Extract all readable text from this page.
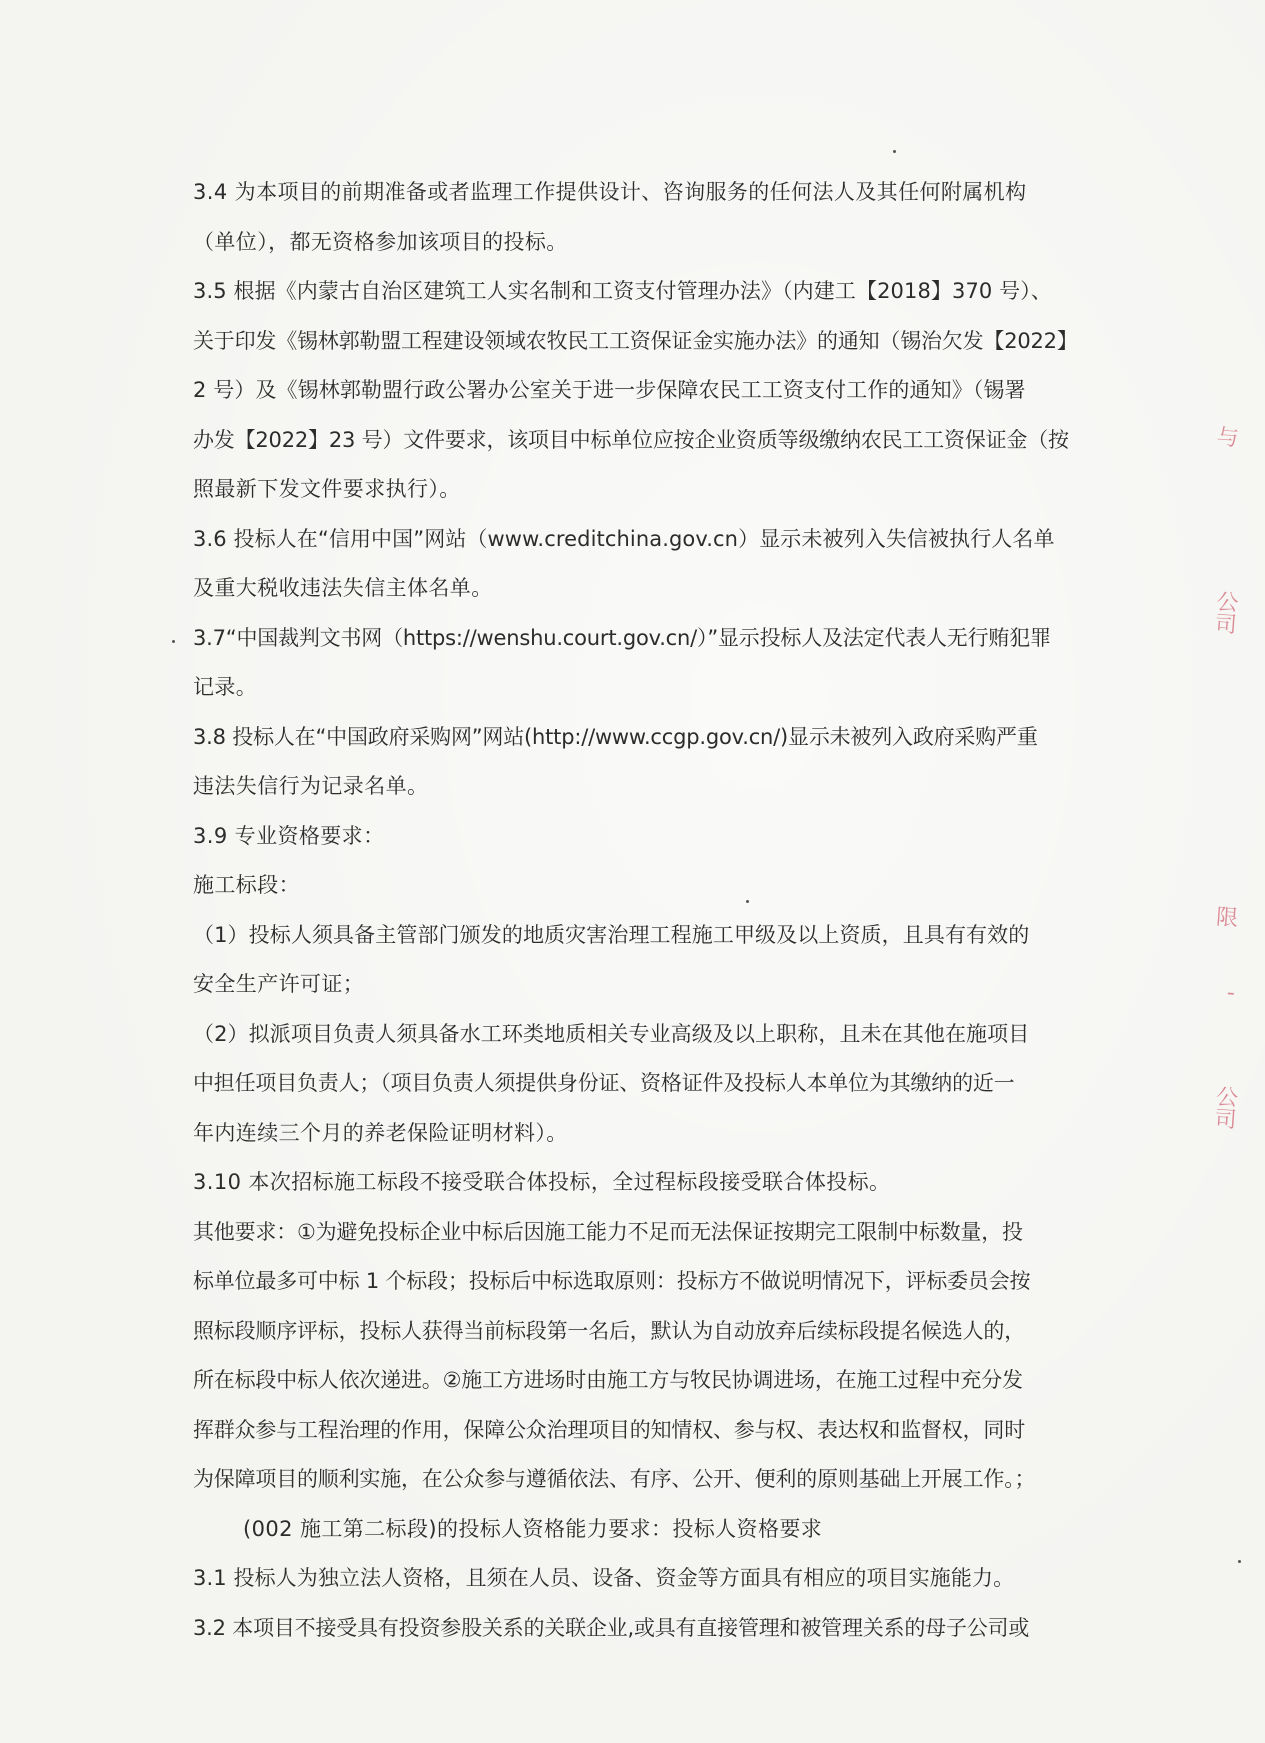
3.4 为本项目的前期准备或者监理工作提供设计、咨询服务的任何法人及其任何附属机构
（单位），都无资格参加该项目的投标。
3.5 根据《内蒙古自治区建筑工人实名制和工资支付管理办法》（内建工【2018】370 号）、
关于印发《锡林郭勒盟工程建设领域农牧民工工资保证金实施办法》的通知（锡治欠发【2022】
2 号）及《锡林郭勒盟行政公署办公室关于进一步保障农民工工资支付工作的通知》（锡署
办发【2022】23 号）文件要求，该项目中标单位应按企业资质等级缴纳农民工工资保证金（按
照最新下发文件要求执行）。
3.6 投标人在“信用中国”网站（www.creditchina.gov.cn）显示未被列入失信被执行人名单
及重大税收违法失信主体名单。
3.7“中国裁判文书网（https://wenshu.court.gov.cn/）”显示投标人及法定代表人无行贿犯罪
记录。
3.8 投标人在“中国政府采购网”网站(http://www.ccgp.gov.cn/)显示未被列入政府采购严重
违法失信行为记录名单。
3.9 专业资格要求：
施工标段：
（1）投标人须具备主管部门颁发的地质灾害治理工程施工甲级及以上资质，且具有有效的
安全生产许可证；
（2）拟派项目负责人须具备水工环类地质相关专业高级及以上职称，且未在其他在施项目
中担任项目负责人；（项目负责人须提供身份证、资格证件及投标人本单位为其缴纳的近一
年内连续三个月的养老保险证明材料）。
3.10 本次招标施工标段不接受联合体投标，全过程标段接受联合体投标。
其他要求：①为避免投标企业中标后因施工能力不足而无法保证按期完工限制中标数量，投
标单位最多可中标 1 个标段；投标后中标选取原则：投标方不做说明情况下，评标委员会按
照标段顺序评标，投标人获得当前标段第一名后，默认为自动放弃后续标段提名候选人的，
所在标段中标人依次递进。②施工方进场时由施工方与牧民协调进场，在施工过程中充分发
挥群众参与工程治理的作用，保障公众治理项目的知情权、参与权、表达权和监督权，同时
为保障项目的顺利实施，在公众参与遵循依法、有序、公开、便利的原则基础上开展工作。；
(002 施工第二标段)的投标人资格能力要求：投标人资格要求
3.1 投标人为独立法人资格，且须在人员、设备、资金等方面具有相应的项目实施能力。
3.2 本项目不接受具有投资参股关系的关联企业,或具有直接管理和被管理关系的母子公司或
与
公司
限
'
公司
